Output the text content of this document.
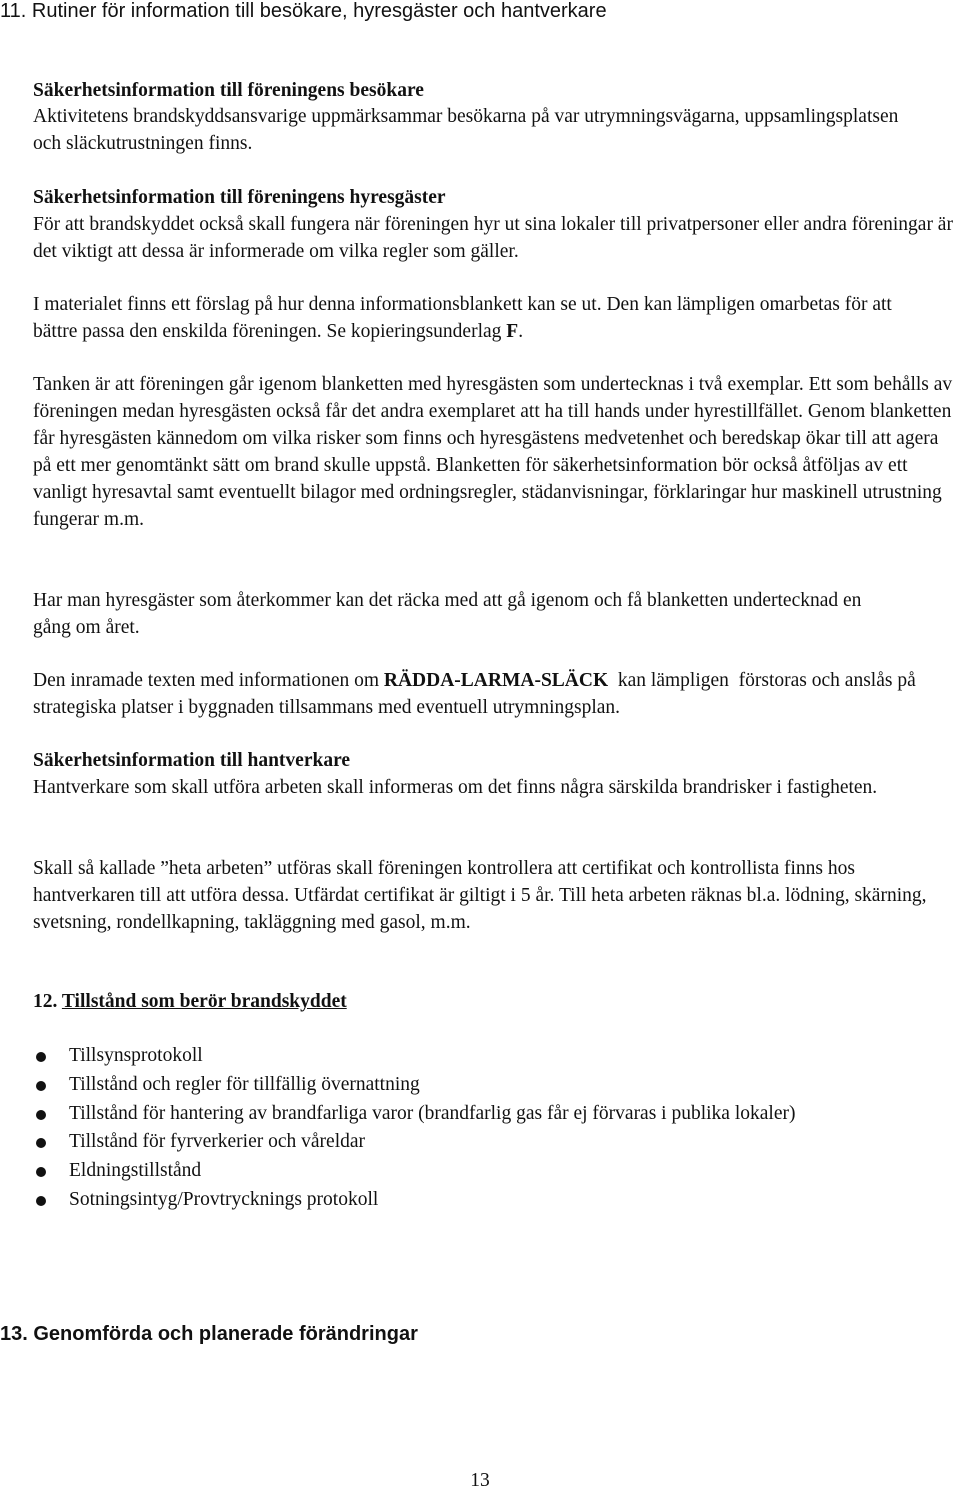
11. Rutiner för information till besökare, hyresgäster och hantverkare
Säkerhetsinformation till föreningens besökare

Aktivitetens brandskyddsansvarige uppmärksammar besökarna på var utrymningsvägarna, uppsamlingsplatsen och släckutrustningen finns.

Säkerhetsinformation till föreningens hyresgäster

För att brandskyddet också skall fungera när föreningen hyr ut sina lokaler till privatpersoner eller andra föreningar är det viktigt att dessa är informerade om vilka regler som gäller.

I materialet finns ett förslag på hur denna informationsblankett kan se ut. Den kan lämpligen omarbetas för att bättre passa den enskilda föreningen. Se kopieringsunderlag F.

Tanken är att föreningen går igenom blanketten med hyresgästen som undertecknas i två exemplar. Ett som behålls av föreningen medan hyresgästen också får det andra exemplaret att ha till hands under hyrestillfället. Genom blanketten får hyresgästen kännedom om vilka risker som finns och hyresgästens medvetenhet och beredskap ökar till att agera på ett mer genomtänkt sätt om brand skulle uppstå. Blanketten för säkerhetsinformation bör också åtföljas av ett vanligt hyresavtal samt eventuellt bilagor med ordningsregler, städanvisningar, förklaringar hur maskinell utrustning fungerar m.m.

Har man hyresgäster som återkommer kan det räcka med att gå igenom och få blanketten undertecknad en gång om året.

Den inramade texten med informationen om RÄDDA-LARMA-SLÄCK  kan lämpligen  förstoras och anslås på strategiska platser i byggnaden tillsammans med eventuell utrymningsplan.

Säkerhetsinformation till hantverkare

Hantverkare som skall utföra arbeten skall informeras om det finns några särskilda brandrisker i fastigheten.

Skall så kallade ”heta arbeten” utföras skall föreningen kontrollera att certifikat och kontrollista finns hos hantverkaren till att utföra dessa. Utfärdat certifikat är giltigt i 5 år. Till heta arbeten räknas bl.a. lödning, skärning, svetsning, rondellkapning, takläggning med gasol, m.m.

12. Tillstånd som berör brandskyddet
Tillsynsprotokoll
Tillstånd och regler för tillfällig övernattning
Tillstånd för hantering av brandfarliga varor (brandfarlig gas får ej förvaras i publika lokaler)
Tillstånd för fyrverkerier och våreldar
Eldningstillstånd
Sotningsintyg/Provtrycknings protokoll
13. Genomförda och planerade förändringar
13
